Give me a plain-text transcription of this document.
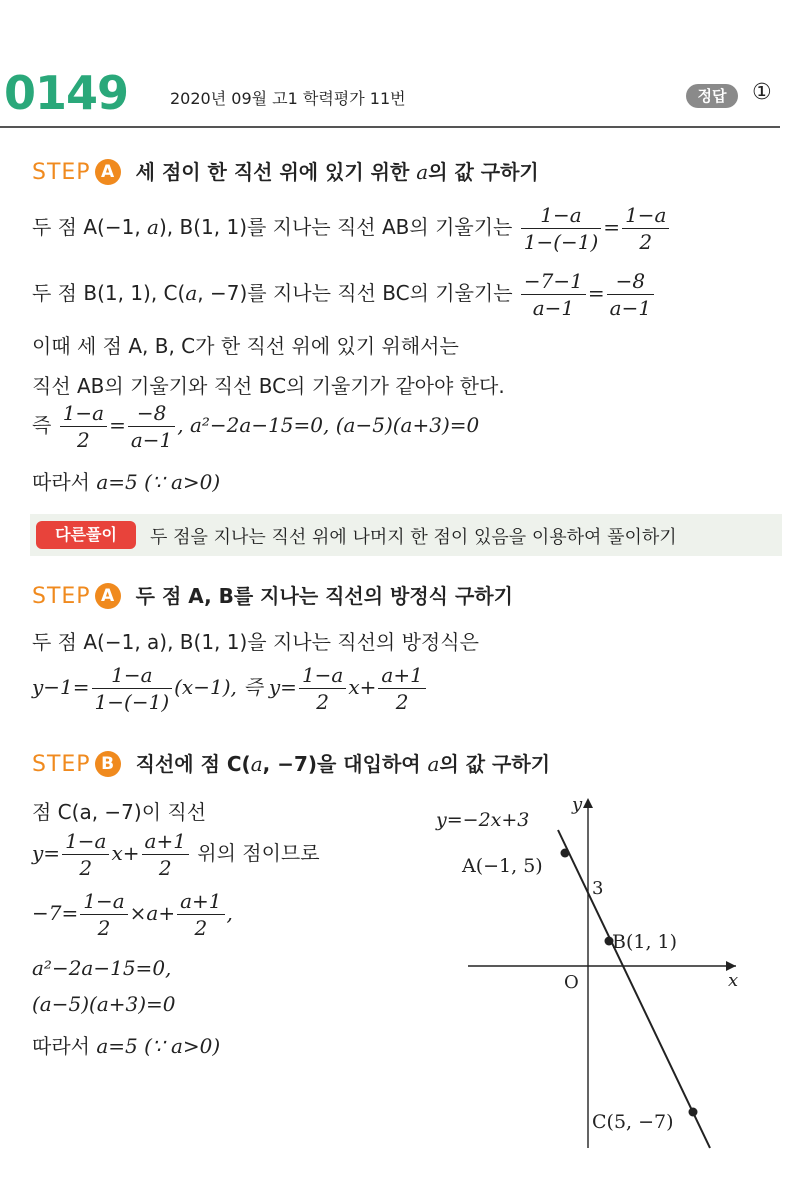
0149	2020년 09월 고1 학력평가 11번	정답	①
STEP A 세 점이 한 직선 위에 있기 위한 a의 값 구하기
두 점 A(−1, a), B(1, 1)를 지나는 직선 AB의 기울기는 $\frac{1-a}{1-(-1)} = \frac{1-a}{2}$
두 점 B(1, 1), C(a, −7)를 지나는 직선 BC의 기울기는 $\frac{-7-1}{a-1} = \frac{-8}{a-1}$
이때 세 점 A, B, C가 한 직선 위에 있기 위해서는
직선 AB의 기울기와 직선 BC의 기울기가 같아야 한다.
즉 $\frac{1-a}{2} = \frac{-8}{a-1}$ , a²−2a−15=0, (a−5)(a+3)=0
따라서 a=5 (∵ a>0)
다른풀이	두 점을 지나는 직선 위에 나머지 한 점이 있음을 이용하여 풀이하기
STEP A 두 점 A, B를 지나는 직선의 방정식 구하기
두 점 A(−1, a), B(1, 1)을 지나는 직선의 방정식은
$y-1= \frac{1-a}{1-(-1)} (x-1)$, 즉 $y= \frac{1-a}{2} x+ \frac{a+1}{2}$
STEP B 직선에 점 C(a, −7)을 대입하여 a의 값 구하기
점 C(a, −7)이 직선
$y= \frac{1-a}{2} x+ \frac{a+1}{2}$ 위의 점이므로
$-7= \frac{1-a}{2} \times a+ \frac{a+1}{2}$ ,
a²−2a−15=0,
(a−5)(a+3)=0
따라서 a=5 (∵ a>0)
y=−2x+3
y
x
O
3
A(−1, 5)
B(1, 1)
C(5, −7)
